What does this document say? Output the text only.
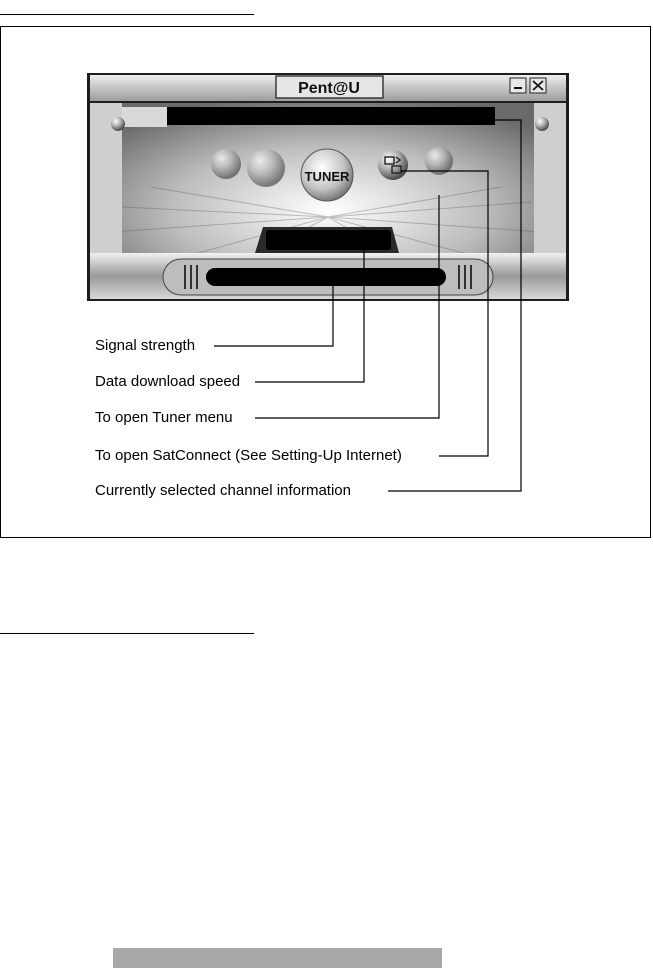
Pent@U
TUNER
Signal strength
Data download speed
To open Tuner menu
To open SatConnect (See Setting-Up Internet)
Currently selected channel information
